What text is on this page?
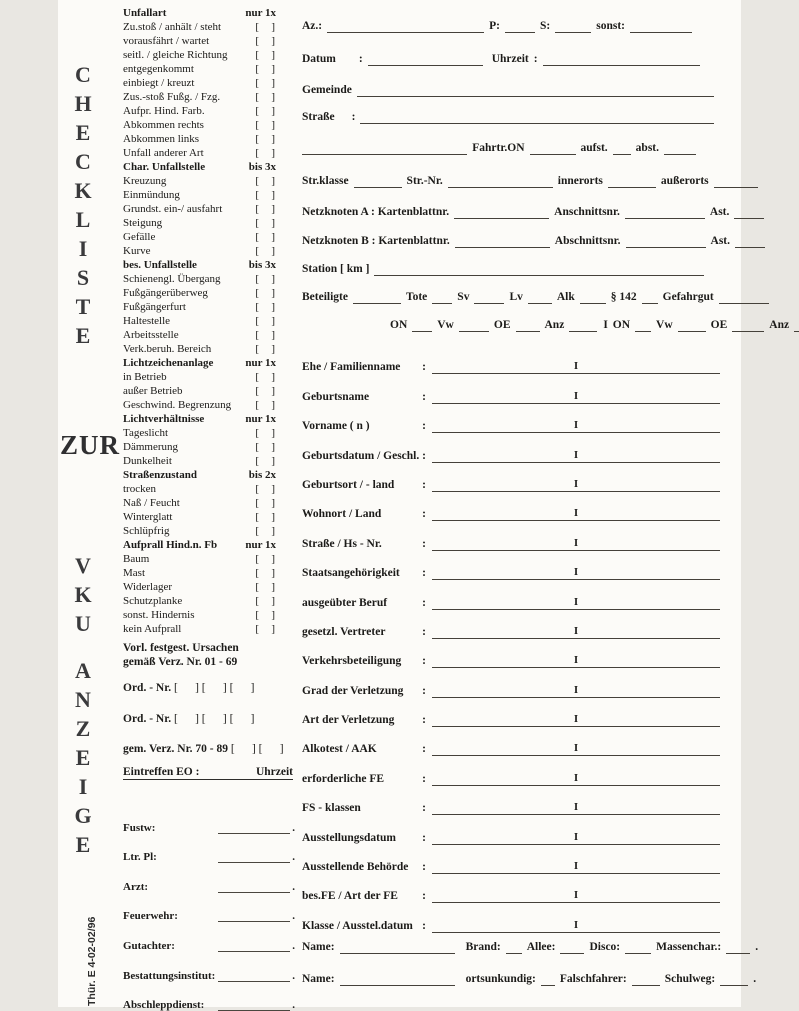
C
H
E
C
K
L
I
S
T
E
ZUR
V
K
U
A
N
Z
E
I
G
E
Thür. E 4-02-02/96
Unfallart	nur 1x
Zu.stoß / anhält / steht	[   ]
vorausfährt / wartet	[   ]
seitl. / gleiche Richtung	[   ]
entgegenkommt	[   ]
einbiegt / kreuzt	[   ]
Zus.-stoß Fußg. / Fzg.	[   ]
Aufpr. Hind. Farb.	[   ]
Abkommen rechts	[   ]
Abkommen links	[   ]
Unfall anderer Art	[   ]
Char. Unfallstelle	bis 3x
Kreuzung	[   ]
Einmündung	[   ]
Grundst. ein-/ ausfahrt	[   ]
Steigung	[   ]
Gefälle	[   ]
Kurve	[   ]
bes. Unfallstelle	bis 3x
Schienengl. Übergang	[   ]
Fußgängerüberweg	[   ]
Fußgängerfurt	[   ]
Haltestelle	[   ]
Arbeitsstelle	[   ]
Verk.beruh. Bereich	[   ]
Lichtzeichenanlage	nur 1x
in Betrieb	[   ]
außer Betrieb	[   ]
Geschwind. Begrenzung [   ]
Lichtverhältnisse	nur 1x
Tageslicht	[   ]
Dämmerung	[   ]
Dunkelheit	[   ]
Straßenzustand	bis 2x
trocken	[   ]
Naß / Feucht	[   ]
Winterglatt	[   ]
Schlüpfrig	[   ]
Aufprall Hind.n. Fb	nur 1x
Baum	[   ]
Mast	[   ]
Widerlager	[   ]
Schutzplanke	[   ]
sonst. Hindernis	[   ]
kein Aufprall	[   ]
Vorl. festgest. Ursachen
gemäß Verz. Nr. 01 - 69
Ord. - Nr. [      ] [      ] [      ]
Ord. - Nr. [      ] [      ] [      ]
gem. Verz. Nr. 70 - 89 [      ] [      ]
Eintreffen EO :	Uhrzeit
Fustw:	.
Ltr. Pl:	.
Arzt:	.
Feuerwehr:	.
Gutachter:	.
Bestattungsinstitut:	.
Abschleppdienst:	.
Az.:	P:	S:	sonst:
Datum :	Uhrzeit :
Gemeinde
Straße :
Fahrtr.ON	aufst. abst.
Str.klasse	Str.-Nr.	innerorts	außerorts
Netzknoten A : Kartenblattnr.	Anschnittsnr.	Ast.
Netzknoten B : Kartenblattnr.	Abschnittsnr.	Ast.
Station [ km ]
Beteiligte	Tote	Sv	Lv	Alk	§ 142 Gefahrgut
ON	Vw	OE	Anz	I ON Vw	OE	Anz
Ehe / Familienname	:	I
Geburtsname	:	I
Vorname ( n )	:	I
Geburtsdatum / Geschl. :	I
Geburtsort / - land	:	I
Wohnort / Land	:	I
Straße / Hs - Nr.	:	I
Staatsangehörigkeit	:	I
ausgeübter Beruf	:	I
gesetzl. Vertreter	:	I
Verkehrsbeteiligung	:	I
Grad der Verletzung	:	I
Art der Verletzung	:	I
Alkotest / AAK	:	I
erforderliche FE	:	I
FS - klassen	:	I
Ausstellungsdatum	:	I
Ausstellende Behörde	:	I
bes.FE / Art der FE	:	I
Klasse / Ausstel.datum :	I
Name:	Brand: Allee:	Disco:	Massenchar.:	.
Name:	ortsunkundig: Falschfahrer:	Schulweg:	.
